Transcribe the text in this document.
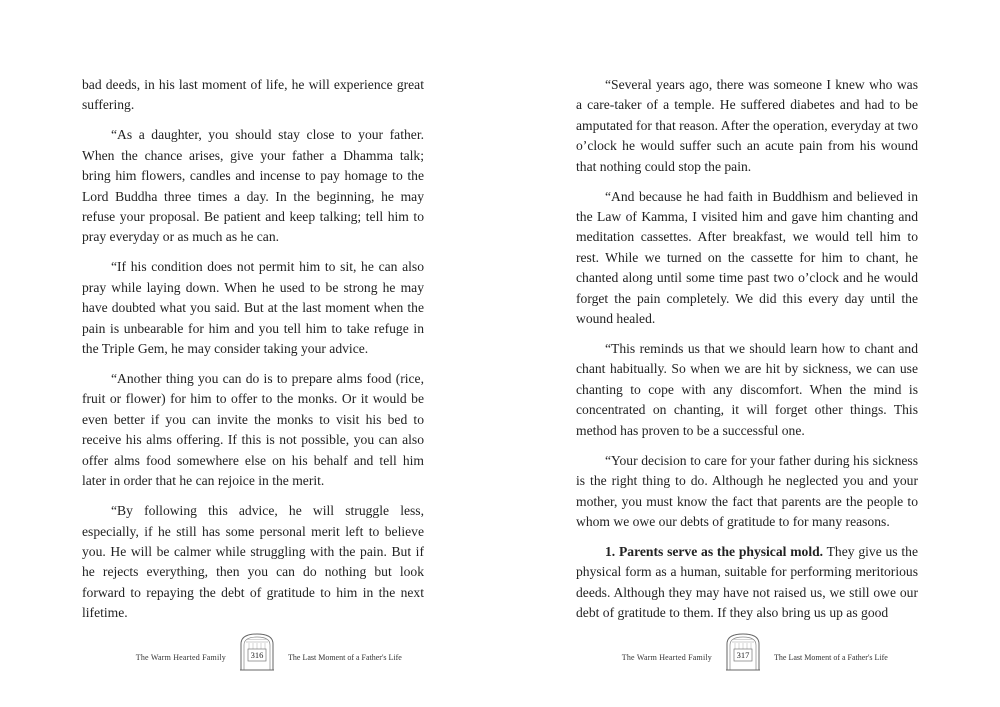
bad deeds, in his last moment of life, he will experience great suffering.

“As a daughter, you should stay close to your father. When the chance arises, give your father a Dhamma talk; bring him flowers, candles and incense to pay homage to the Lord Buddha three times a day. In the beginning, he may refuse your proposal. Be patient and keep talking; tell him to pray everyday or as much as he can.

“If his condition does not permit him to sit, he can also pray while laying down. When he used to be strong he may have doubted what you said. But at the last moment when the pain is unbearable for him and you tell him to take refuge in the Triple Gem, he may consider taking your advice.

“Another thing you can do is to prepare alms food (rice, fruit or flower) for him to offer to the monks. Or it would be even better if you can invite the monks to visit his bed to receive his alms offering. If this is not possible, you can also offer alms food somewhere else on his behalf and tell him later in order that he can rejoice in the merit.

“By following this advice, he will struggle less, especially, if he still has some personal merit left to believe you. He will be calmer while struggling with the pain. But if he rejects everything, then you can do nothing but look forward to repaying the debt of gratitude to him in the next lifetime.

The Warm Hearted Family	316	The Last Moment of a Father's Life

“Several years ago, there was someone I knew who was a care-taker of a temple. He suffered diabetes and had to be amputated for that reason. After the operation, everyday at two o’clock he would suffer such an acute pain from his wound that nothing could stop the pain.

“And because he had faith in Buddhism and believed in the Law of Kamma, I visited him and gave him chanting and meditation cassettes. After breakfast, we would tell him to rest. While we turned on the cassette for him to chant, he chanted along until some time past two o’clock and he would forget the pain completely. We did this every day until the wound healed.

“This reminds us that we should learn how to chant and chant habitually. So when we are hit by sickness, we can use chanting to cope with any discomfort. When the mind is concentrated on chanting, it will forget other things. This method has proven to be a successful one.

“Your decision to care for your father during his sickness is the right thing to do. Although he neglected you and your mother, you must know the fact that parents are the people to whom we owe our debts of gratitude to for many reasons.

1. Parents serve as the physical mold. They give us the physical form as a human, suitable for performing meritorious deeds. Although they may have not raised us, we still owe our debt of gratitude to them. If they also bring us up as good

The Warm Hearted Family	317	The Last Moment of a Father's Life
